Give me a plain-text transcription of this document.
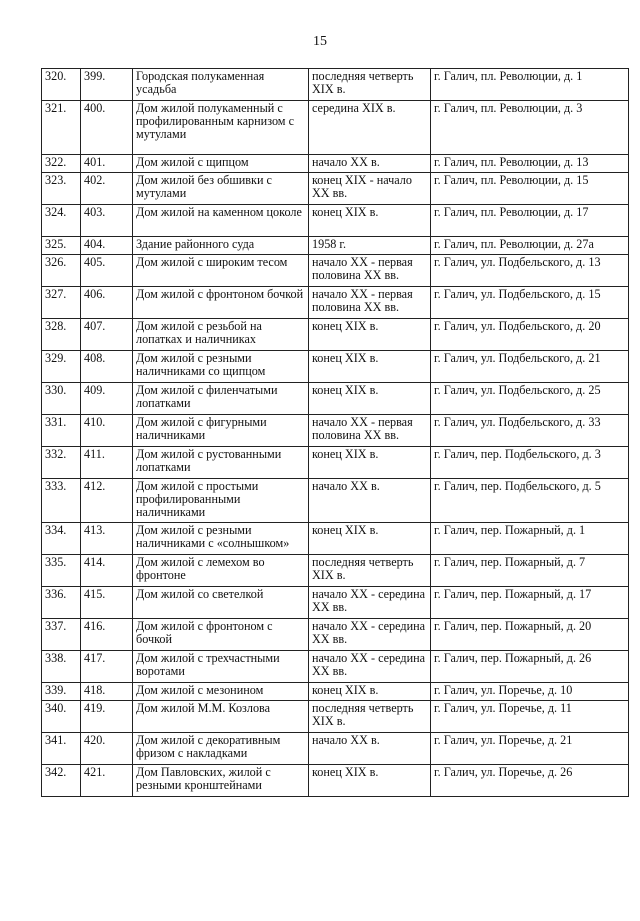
15
320.	399.	Городская полукаменная усадьба	последняя четверть XIX в.	г. Галич, пл. Революции, д. 1
321.	400.	Дом жилой полукаменный с профилированным карнизом с мутулами	середина XIX в.	г. Галич, пл. Революции, д. 3
322.	401.	Дом жилой с щипцом	начало XX в.	г. Галич, пл. Революции, д. 13
323.	402.	Дом жилой без обшивки с мутулами	конец XIX - начало XX вв.	г. Галич, пл. Революции, д. 15
324.	403.	Дом жилой на каменном цоколе	конец XIX в.	г. Галич, пл. Революции, д. 17
325.	404.	Здание районного суда	1958 г.	г. Галич, пл. Революции, д. 27а
326.	405.	Дом жилой с широким тесом	начало XX - первая половина XX вв.	г. Галич, ул. Подбельского, д. 13
327.	406.	Дом жилой с фронтоном бочкой	начало XX - первая половина XX вв.	г. Галич, ул. Подбельского, д. 15
328.	407.	Дом жилой с резьбой на лопатках и наличниках	конец XIX в.	г. Галич, ул. Подбельского, д. 20
329.	408.	Дом жилой с резными наличниками со щипцом	конец XIX в.	г. Галич, ул. Подбельского, д. 21
330.	409.	Дом жилой с филенчатыми лопатками	конец XIX в.	г. Галич, ул. Подбельского, д. 25
331.	410.	Дом жилой с фигурными наличниками	начало XX - первая половина XX вв.	г. Галич, ул. Подбельского, д. 33
332.	411.	Дом жилой с рустованными лопатками	конец XIX в.	г. Галич, пер. Подбельского, д. 3
333.	412.	Дом жилой с простыми профилированными наличниками	начало XX в.	г. Галич, пер. Подбельского, д. 5
334.	413.	Дом жилой с резными наличниками с «солнышком»	конец XIX в.	г. Галич, пер. Пожарный, д. 1
335.	414.	Дом жилой с лемехом во фронтоне	последняя четверть XIX в.	г. Галич, пер. Пожарный, д. 7
336.	415.	Дом жилой со светелкой	начало XX - середина XX вв.	г. Галич, пер. Пожарный, д. 17
337.	416.	Дом жилой с фронтоном с бочкой	начало XX - середина XX вв.	г. Галич, пер. Пожарный, д. 20
338.	417.	Дом жилой с трехчастными воротами	начало XX - середина XX вв.	г. Галич, пер. Пожарный, д. 26
339.	418.	Дом жилой с мезонином	конец XIX в.	г. Галич, ул. Поречье, д. 10
340.	419.	Дом жилой М.М. Козлова	последняя четверть XIX в.	г. Галич, ул. Поречье, д. 11
341.	420.	Дом жилой с декоративным фризом с накладками	начало XX в.	г. Галич, ул. Поречье, д. 21
342.	421.	Дом Павловских, жилой с резными кронштейнами	конец XIX в.	г. Галич, ул. Поречье, д. 26
